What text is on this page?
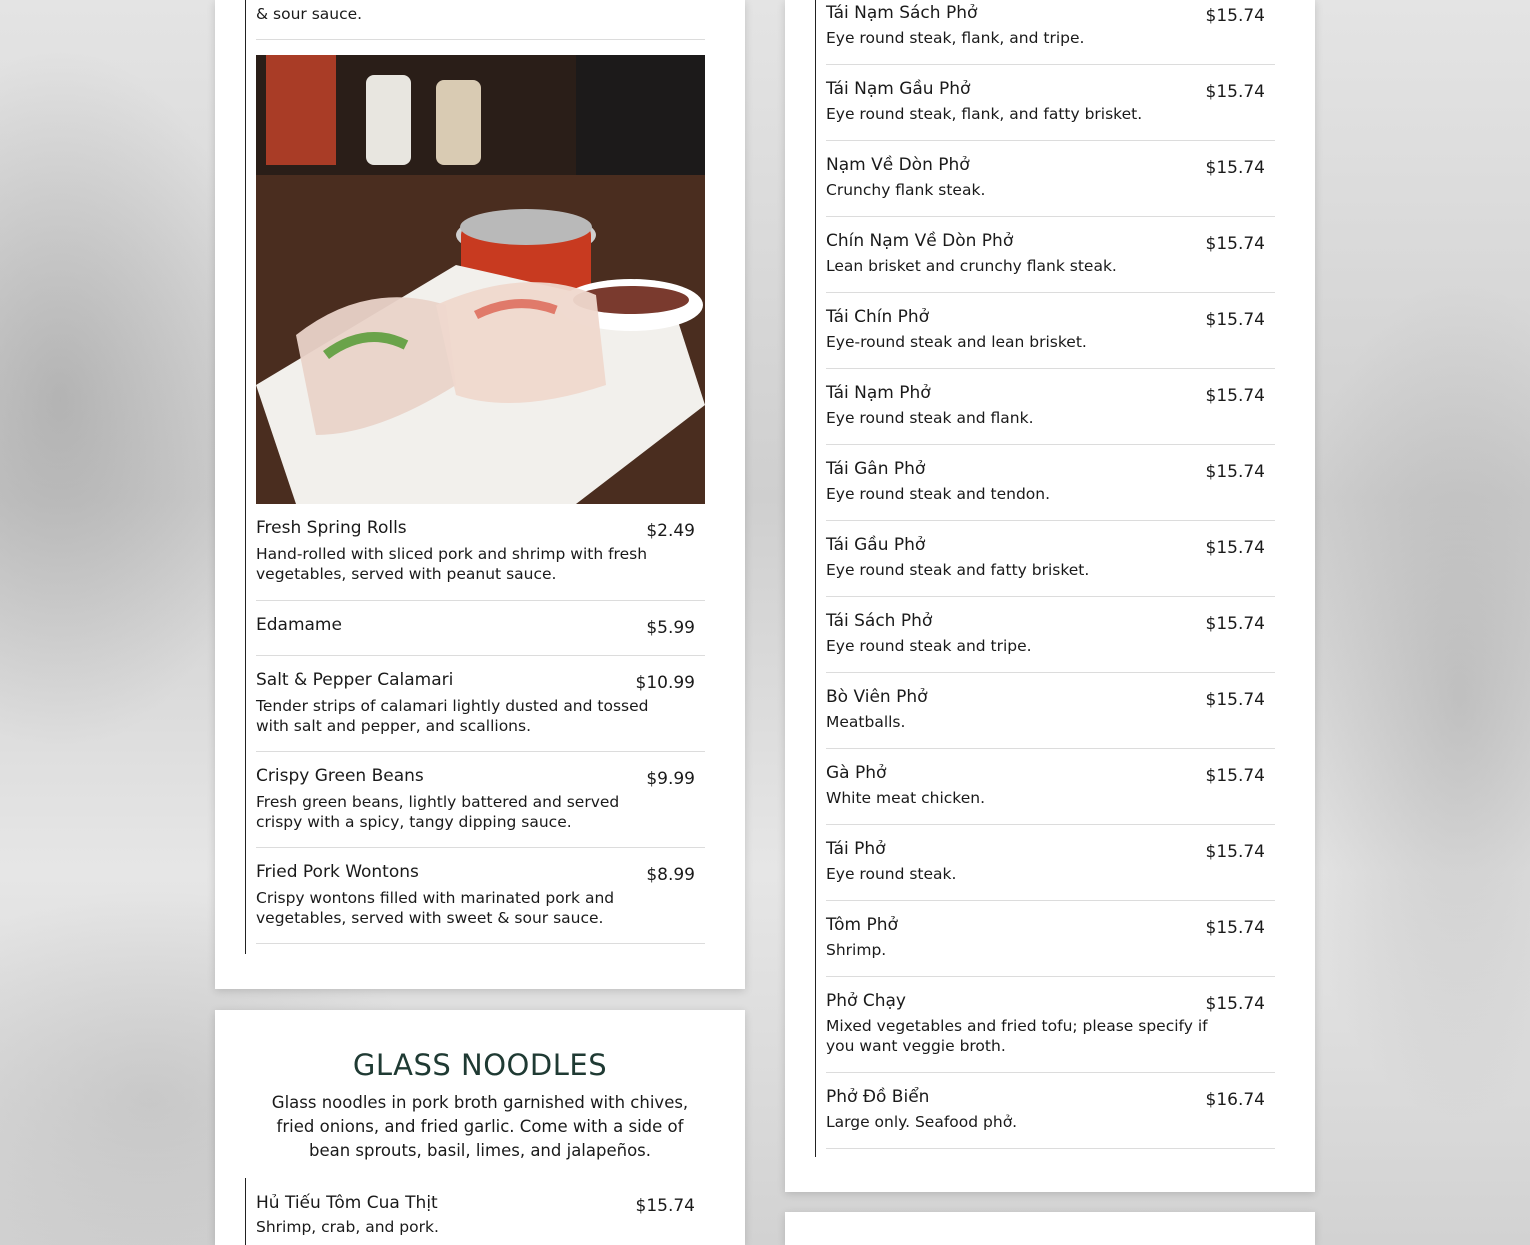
& sour sauce.
Fresh Spring Rolls	$2.49
Hand-rolled with sliced pork and shrimp with fresh vegetables, served with peanut sauce.
Edamame	$5.99
Salt & Pepper Calamari	$10.99
Tender strips of calamari lightly dusted and tossed with salt and pepper, and scallions.
Crispy Green Beans	$9.99
Fresh green beans, lightly battered and served crispy with a spicy, tangy dipping sauce.
Fried Pork Wontons	$8.99
Crispy wontons filled with marinated pork and vegetables, served with sweet & sour sauce.
GLASS NOODLES
Glass noodles in pork broth garnished with chives, fried onions, and fried garlic. Come with a side of bean sprouts, basil, limes, and jalapeños.
Hủ Tiếu Tôm Cua Thịt	$15.74
Shrimp, crab, and pork.
Tái Nạm Sách Phở	$15.74
Eye round steak, flank, and tripe.
Tái Nạm Gầu Phở	$15.74
Eye round steak, flank, and fatty brisket.
Nạm Về Dòn Phở	$15.74
Crunchy flank steak.
Chín Nạm Về Dòn Phở	$15.74
Lean brisket and crunchy flank steak.
Tái Chín Phở	$15.74
Eye-round steak and lean brisket.
Tái Nạm Phở	$15.74
Eye round steak and flank.
Tái Gân Phở	$15.74
Eye round steak and tendon.
Tái Gầu Phở	$15.74
Eye round steak and fatty brisket.
Tái Sách Phở	$15.74
Eye round steak and tripe.
Bò Viên Phở	$15.74
Meatballs.
Gà Phở	$15.74
White meat chicken.
Tái Phở	$15.74
Eye round steak.
Tôm Phở	$15.74
Shrimp.
Phở Chạy	$15.74
Mixed vegetables and fried tofu; please specify if you want veggie broth.
Phở Đồ Biển	$16.74
Large only. Seafood phở.
